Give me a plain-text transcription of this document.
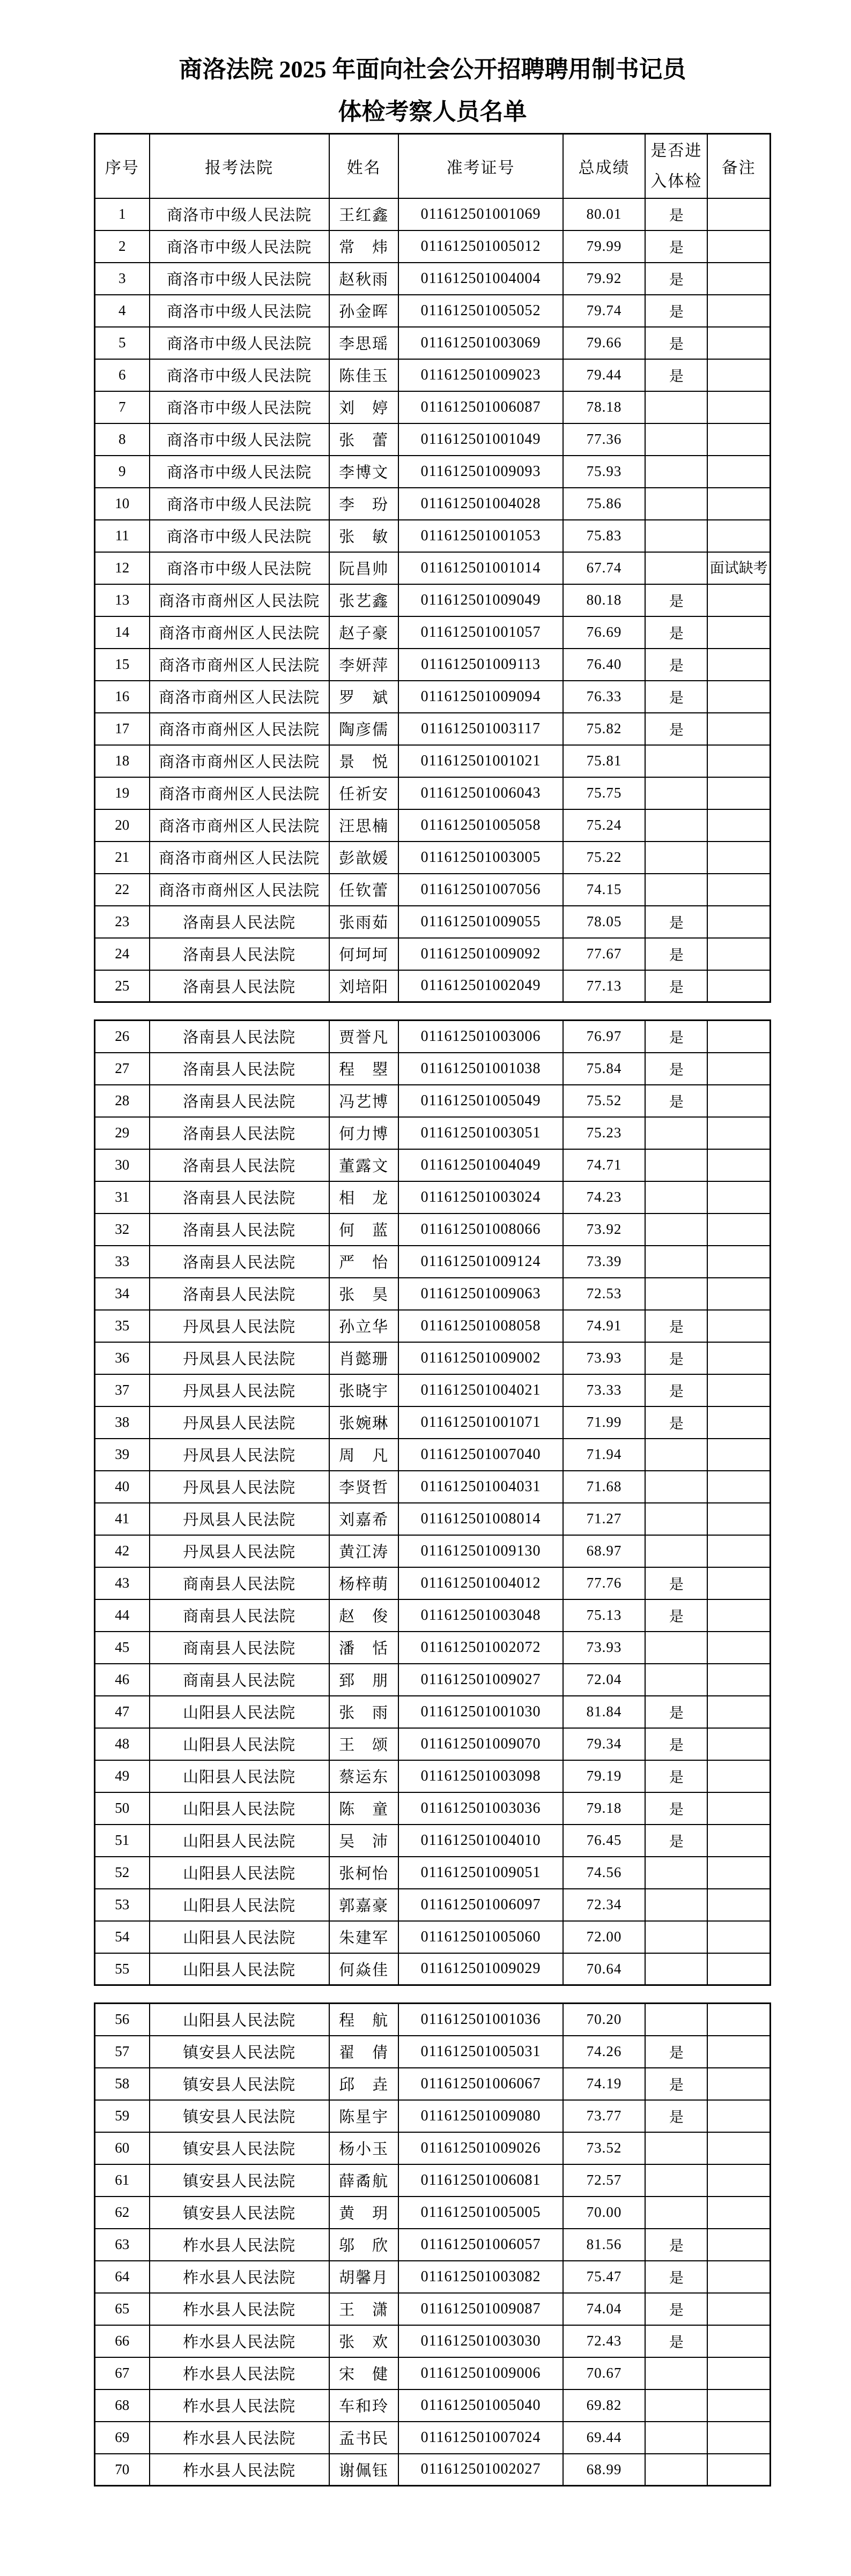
商洛法院 2025 年面向社会公开招聘聘用制书记员
体检考察人员名单
序号	报考法院	姓名	准考证号	总成绩	是否进
入体检	备注
1	商洛市中级人民法院	王红鑫	011612501001069	80.01	是	
2	商洛市中级人民法院	常　炜	011612501005012	79.99	是	
3	商洛市中级人民法院	赵秋雨	011612501004004	79.92	是	
4	商洛市中级人民法院	孙金晖	011612501005052	79.74	是	
5	商洛市中级人民法院	李思瑶	011612501003069	79.66	是	
6	商洛市中级人民法院	陈佳玉	011612501009023	79.44	是	
7	商洛市中级人民法院	刘　婷	011612501006087	78.18		
8	商洛市中级人民法院	张　蕾	011612501001049	77.36		
9	商洛市中级人民法院	李博文	011612501009093	75.93		
10	商洛市中级人民法院	李　玢	011612501004028	75.86		
11	商洛市中级人民法院	张　敏	011612501001053	75.83		
12	商洛市中级人民法院	阮昌帅	011612501001014	67.74		面试缺考
13	商洛市商州区人民法院	张艺鑫	011612501009049	80.18	是	
14	商洛市商州区人民法院	赵子豪	011612501001057	76.69	是	
15	商洛市商州区人民法院	李妍萍	011612501009113	76.40	是	
16	商洛市商州区人民法院	罗　斌	011612501009094	76.33	是	
17	商洛市商州区人民法院	陶彦儒	011612501003117	75.82	是	
18	商洛市商州区人民法院	景　悦	011612501001021	75.81		
19	商洛市商州区人民法院	任祈安	011612501006043	75.75		
20	商洛市商州区人民法院	汪思楠	011612501005058	75.24		
21	商洛市商州区人民法院	彭歆媛	011612501003005	75.22		
22	商洛市商州区人民法院	任钦蕾	011612501007056	74.15		
23	洛南县人民法院	张雨茹	011612501009055	78.05	是	
24	洛南县人民法院	何坷坷	011612501009092	77.67	是	
25	洛南县人民法院	刘培阳	011612501002049	77.13	是	
26	洛南县人民法院	贾誉凡	011612501003006	76.97	是	
27	洛南县人民法院	程　曌	011612501001038	75.84	是	
28	洛南县人民法院	冯艺博	011612501005049	75.52	是	
29	洛南县人民法院	何力博	011612501003051	75.23		
30	洛南县人民法院	董露文	011612501004049	74.71		
31	洛南县人民法院	相　龙	011612501003024	74.23		
32	洛南县人民法院	何　蓝	011612501008066	73.92		
33	洛南县人民法院	严　怡	011612501009124	73.39		
34	洛南县人民法院	张　昊	011612501009063	72.53		
35	丹凤县人民法院	孙立华	011612501008058	74.91	是	
36	丹凤县人民法院	肖懿珊	011612501009002	73.93	是	
37	丹凤县人民法院	张晓宇	011612501004021	73.33	是	
38	丹凤县人民法院	张婉琳	011612501001071	71.99	是	
39	丹凤县人民法院	周　凡	011612501007040	71.94		
40	丹凤县人民法院	李贤哲	011612501004031	71.68		
41	丹凤县人民法院	刘嘉希	011612501008014	71.27		
42	丹凤县人民法院	黄江涛	011612501009130	68.97		
43	商南县人民法院	杨梓萌	011612501004012	77.76	是	
44	商南县人民法院	赵　俊	011612501003048	75.13	是	
45	商南县人民法院	潘　恬	011612501002072	73.93		
46	商南县人民法院	郅　朋	011612501009027	72.04		
47	山阳县人民法院	张　雨	011612501001030	81.84	是	
48	山阳县人民法院	王　颂	011612501009070	79.34	是	
49	山阳县人民法院	蔡运东	011612501003098	79.19	是	
50	山阳县人民法院	陈　童	011612501003036	79.18	是	
51	山阳县人民法院	吴　沛	011612501004010	76.45	是	
52	山阳县人民法院	张柯怡	011612501009051	74.56		
53	山阳县人民法院	郭嘉豪	011612501006097	72.34		
54	山阳县人民法院	朱建军	011612501005060	72.00		
55	山阳县人民法院	何焱佳	011612501009029	70.64		
56	山阳县人民法院	程　航	011612501001036	70.20		
57	镇安县人民法院	翟　倩	011612501005031	74.26	是	
58	镇安县人民法院	邱　垚	011612501006067	74.19	是	
59	镇安县人民法院	陈星宇	011612501009080	73.77	是	
60	镇安县人民法院	杨小玉	011612501009026	73.52		
61	镇安县人民法院	薛矞航	011612501006081	72.57		
62	镇安县人民法院	黄　玥	011612501005005	70.00		
63	柞水县人民法院	邬　欣	011612501006057	81.56	是	
64	柞水县人民法院	胡馨月	011612501003082	75.47	是	
65	柞水县人民法院	王　潇	011612501009087	74.04	是	
66	柞水县人民法院	张　欢	011612501003030	72.43	是	
67	柞水县人民法院	宋　健	011612501009006	70.67		
68	柞水县人民法院	车和玲	011612501005040	69.82		
69	柞水县人民法院	孟书民	011612501007024	69.44		
70	柞水县人民法院	谢佩钰	011612501002027	68.99		
